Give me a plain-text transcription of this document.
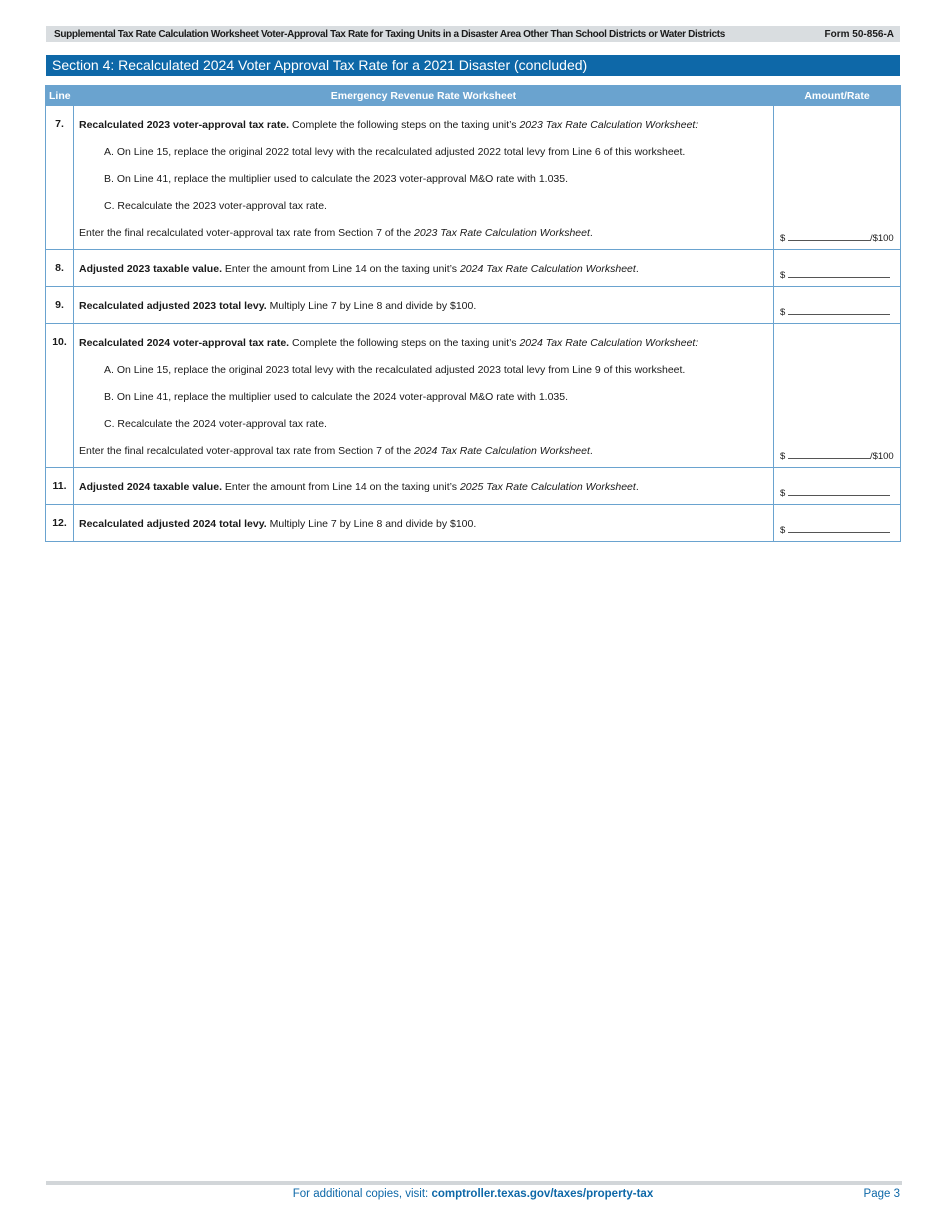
Supplemental Tax Rate Calculation Worksheet Voter-Approval Tax Rate for Taxing Units in a Disaster Area Other Than School Districts or Water Districts	Form 50-856-A
Section 4: Recalculated 2024 Voter Approval Tax Rate for a 2021 Disaster (concluded)
Line	Emergency Revenue Rate Worksheet	Amount/Rate
7.	Recalculated 2023 voter-approval tax rate. Complete the following steps on the taxing unit’s 2023 Tax Rate Calculation Worksheet:
A. On Line 15, replace the original 2022 total levy with the recalculated adjusted 2022 total levy from Line 6 of this worksheet.
B. On Line 41, replace the multiplier used to calculate the 2023 voter-approval M&O rate with 1.035.
C. Recalculate the 2023 voter-approval tax rate.
Enter the final recalculated voter-approval tax rate from Section 7 of the 2023 Tax Rate Calculation Worksheet.	$ /$100
8.	Adjusted 2023 taxable value. Enter the amount from Line 14 on the taxing unit’s 2024 Tax Rate Calculation Worksheet.	$
9.	Recalculated adjusted 2023 total levy. Multiply Line 7 by Line 8 and divide by $100.	$
10.	Recalculated 2024 voter-approval tax rate. Complete the following steps on the taxing unit’s 2024 Tax Rate Calculation Worksheet:
A. On Line 15, replace the original 2023 total levy with the recalculated adjusted 2023 total levy from Line 9 of this worksheet.
B. On Line 41, replace the multiplier used to calculate the 2024 voter-approval M&O rate with 1.035.
C. Recalculate the 2024 voter-approval tax rate.
Enter the final recalculated voter-approval tax rate from Section 7 of the 2024 Tax Rate Calculation Worksheet.	$ /$100
11.	Adjusted 2024 taxable value. Enter the amount from Line 14 on the taxing unit’s 2025 Tax Rate Calculation Worksheet.	$
12.	Recalculated adjusted 2024 total levy. Multiply Line 7 by Line 8 and divide by $100.	$
For additional copies, visit: comptroller.texas.gov/taxes/property-tax	Page 3
